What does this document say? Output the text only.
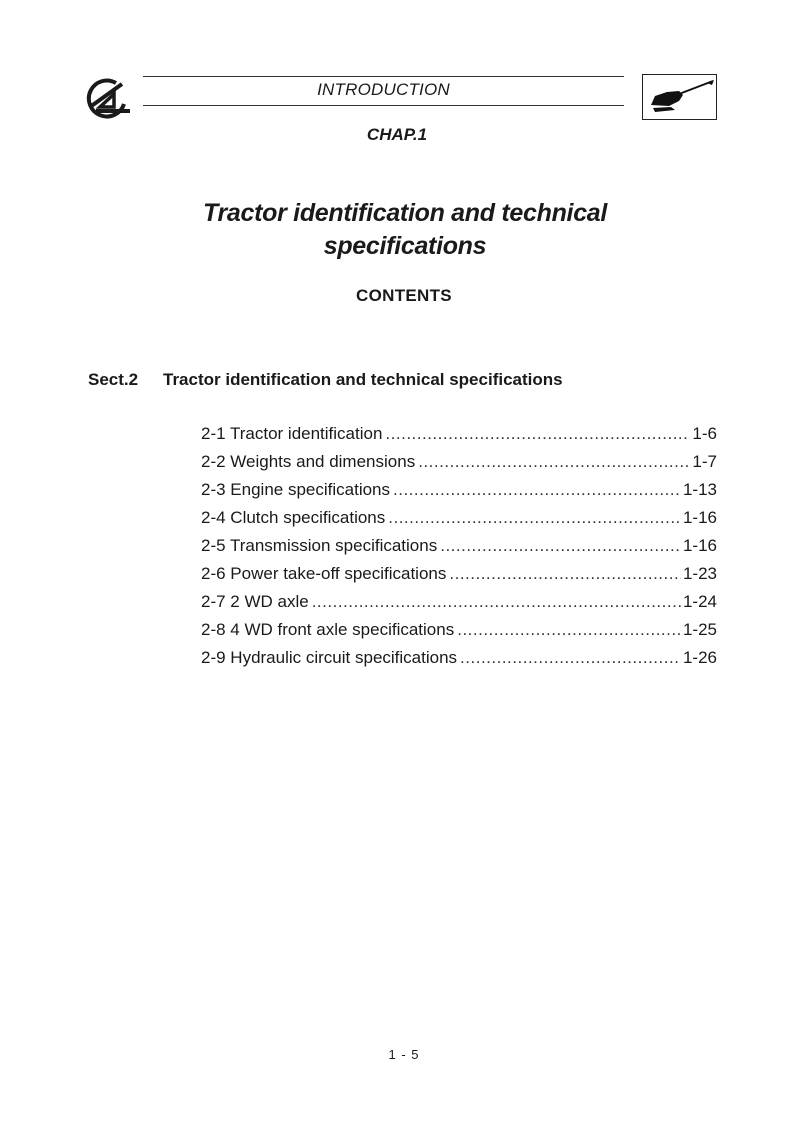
INTRODUCTION
CHAP.1
Tractor identification and technical
specifications
CONTENTS
Sect.2 Tractor identification and technical specifications
2-1 Tractor identification .....	1-6
2-2 Weights and dimensions .....	1-7
2-3 Engine specifications .....	1-13
2-4 Clutch specifications .....	1-16
2-5 Transmission specifications .....	1-16
2-6 Power take-off specifications .....	1-23
2-7 2 WD axle .....	1-24
2-8 4 WD front axle specifications .....	1-25
2-9 Hydraulic circuit specifications .....	1-26
1 - 5
